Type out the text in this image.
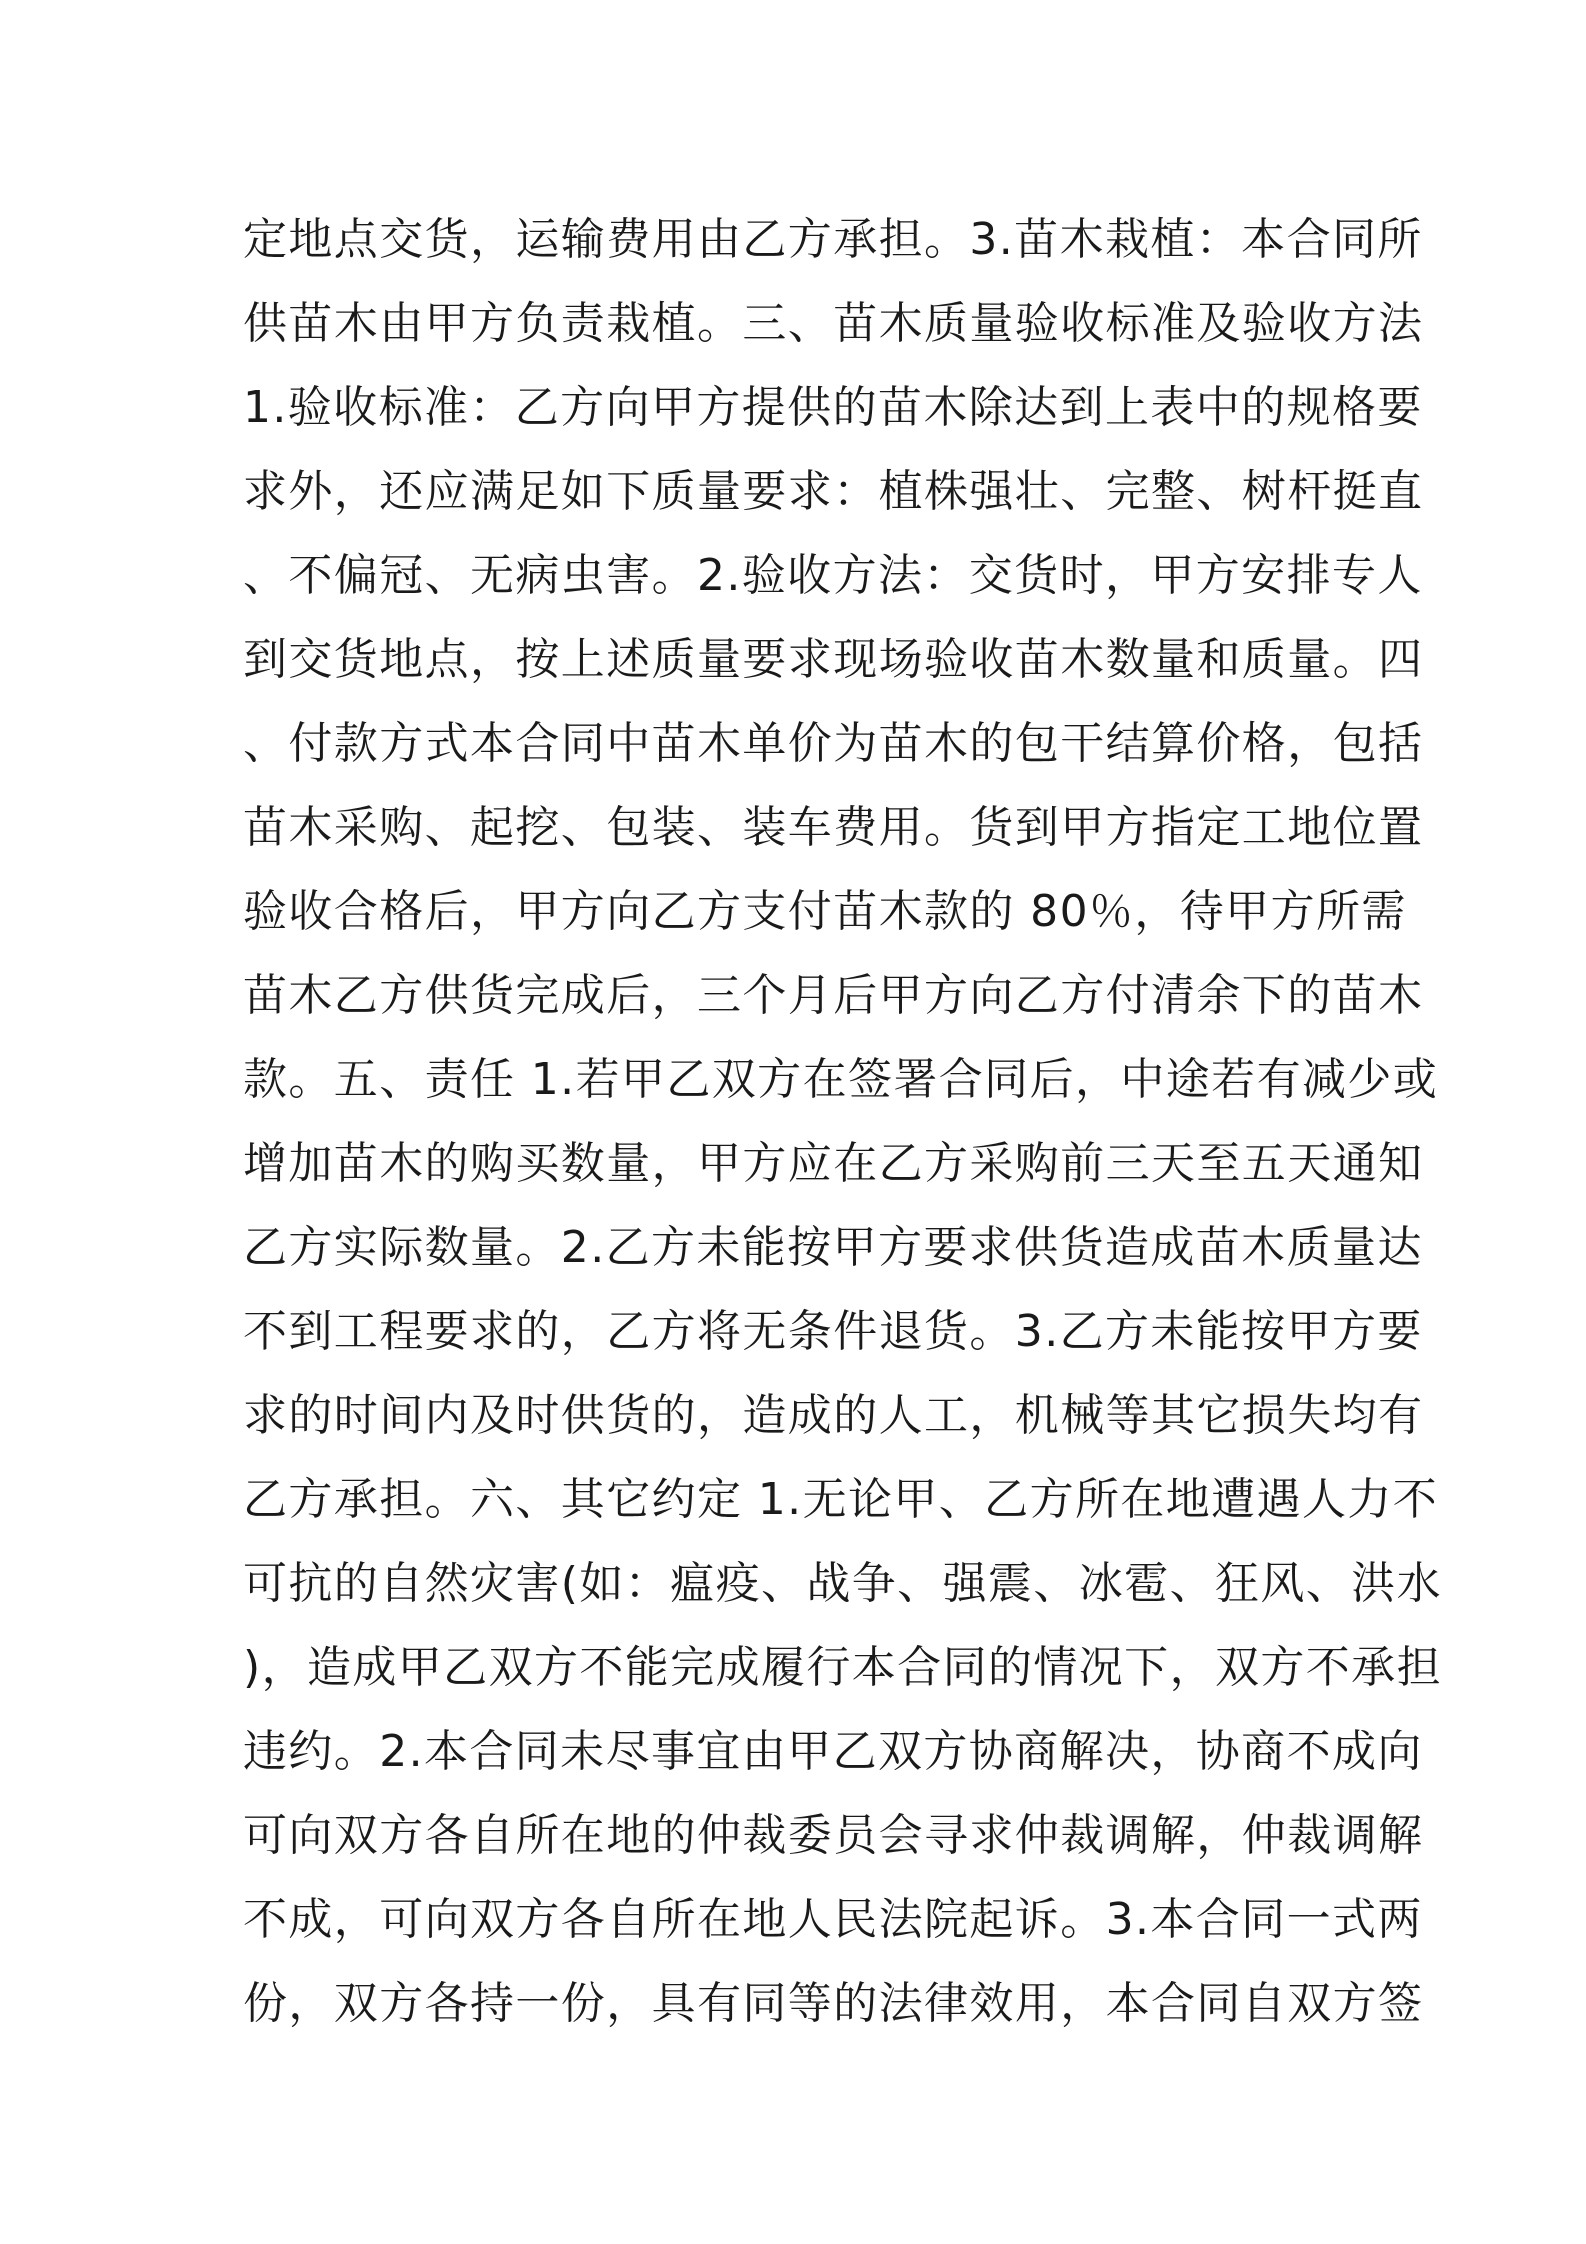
定地点交货，运输费用由乙方承担。3.苗木栽植：本合同所
供苗木由甲方负责栽植。三、苗木质量验收标准及验收方法
1.验收标准：乙方向甲方提供的苗木除达到上表中的规格要
求外，还应满足如下质量要求：植株强壮、完整、树杆挺直
、不偏冠、无病虫害。2.验收方法：交货时，甲方安排专人
到交货地点，按上述质量要求现场验收苗木数量和质量。四
、付款方式本合同中苗木单价为苗木的包干结算价格，包括
苗木采购、起挖、包装、装车费用。货到甲方指定工地位置
验收合格后，甲方向乙方支付苗木款的 80％，待甲方所需
苗木乙方供货完成后，三个月后甲方向乙方付清余下的苗木
款。五、责任 1.若甲乙双方在签署合同后，中途若有减少或
增加苗木的购买数量，甲方应在乙方采购前三天至五天通知
乙方实际数量。2.乙方未能按甲方要求供货造成苗木质量达
不到工程要求的，乙方将无条件退货。3.乙方未能按甲方要
求的时间内及时供货的，造成的人工，机械等其它损失均有
乙方承担。六、其它约定 1.无论甲、乙方所在地遭遇人力不
可抗的自然灾害(如：瘟疫、战争、强震、冰雹、狂风、洪水
)，造成甲乙双方不能完成履行本合同的情况下，双方不承担
违约。2.本合同未尽事宜由甲乙双方协商解决，协商不成向
可向双方各自所在地的仲裁委员会寻求仲裁调解，仲裁调解
不成，可向双方各自所在地人民法院起诉。3.本合同一式两
份，双方各持一份，具有同等的法律效用，本合同自双方签
